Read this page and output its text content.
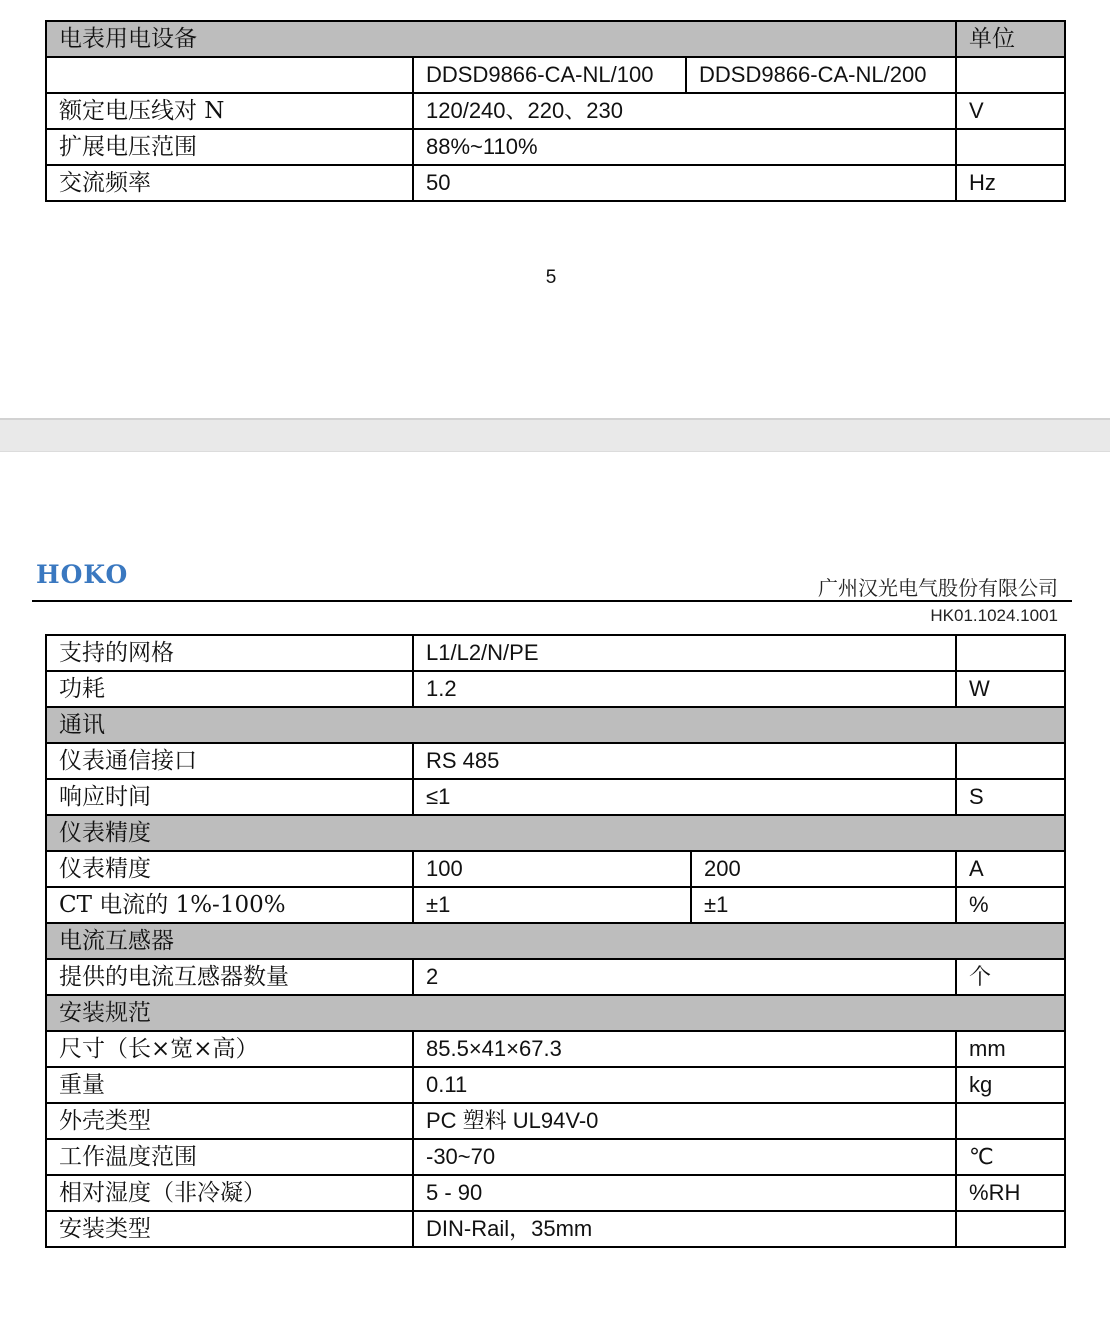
电表用电设备			单位
	DDSD9866-CA-NL/100	DDSD9866-CA-NL/200	
额定电压线对 N	120/240、220、230		V
扩展电压范围	88%~110%		
交流频率	50		Hz
5
HOKO	广州汉光电气股份有限公司
HK01.1024.1001
支持的网格	L1/L2/N/PE		
功耗	1.2		W
通讯			
仪表通信接口	RS 485		
响应时间	≤1		S
仪表精度			
仪表精度	100	200	A
CT 电流的 1%-100%	±1	±1	%
电流互感器			
提供的电流互感器数量	2		个
安装规范			
尺寸（长×宽×高）	85.5×41×67.3		mm
重量	0.11		kg
外壳类型	PC 塑料 UL94V-0		
工作温度范围	-30~70		℃
相对湿度（非冷凝）	5 - 90		%RH
安装类型	DIN-Rail，35mm		
